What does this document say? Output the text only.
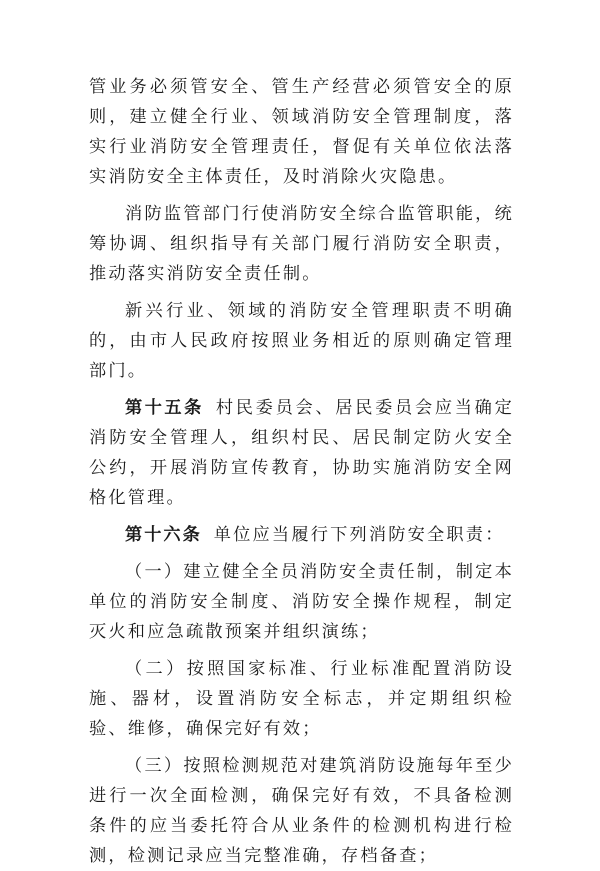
管业务必须管安全、管生产经营必须管安全的原则，建立健全行业、领域消防安全管理制度，落实行业消防安全管理责任，督促有关单位依法落实消防安全主体责任，及时消除火灾隐患。

消防监管部门行使消防安全综合监管职能，统筹协调、组织指导有关部门履行消防安全职责，推动落实消防安全责任制。

新兴行业、领域的消防安全管理职责不明确的，由市人民政府按照业务相近的原则确定管理部门。

第十五条 村民委员会、居民委员会应当确定消防安全管理人，组织村民、居民制定防火安全公约，开展消防宣传教育，协助实施消防安全网格化管理。

第十六条 单位应当履行下列消防安全职责：

（一）建立健全全员消防安全责任制，制定本单位的消防安全制度、消防安全操作规程，制定灭火和应急疏散预案并组织演练；

（二）按照国家标准、行业标准配置消防设施、器材，设置消防安全标志，并定期组织检验、维修，确保完好有效；

（三）按照检测规范对建筑消防设施每年至少进行一次全面检测，确保完好有效，不具备检测条件的应当委托符合从业条件的检测机构进行检测，检测记录应当完整准确，存档备查；
